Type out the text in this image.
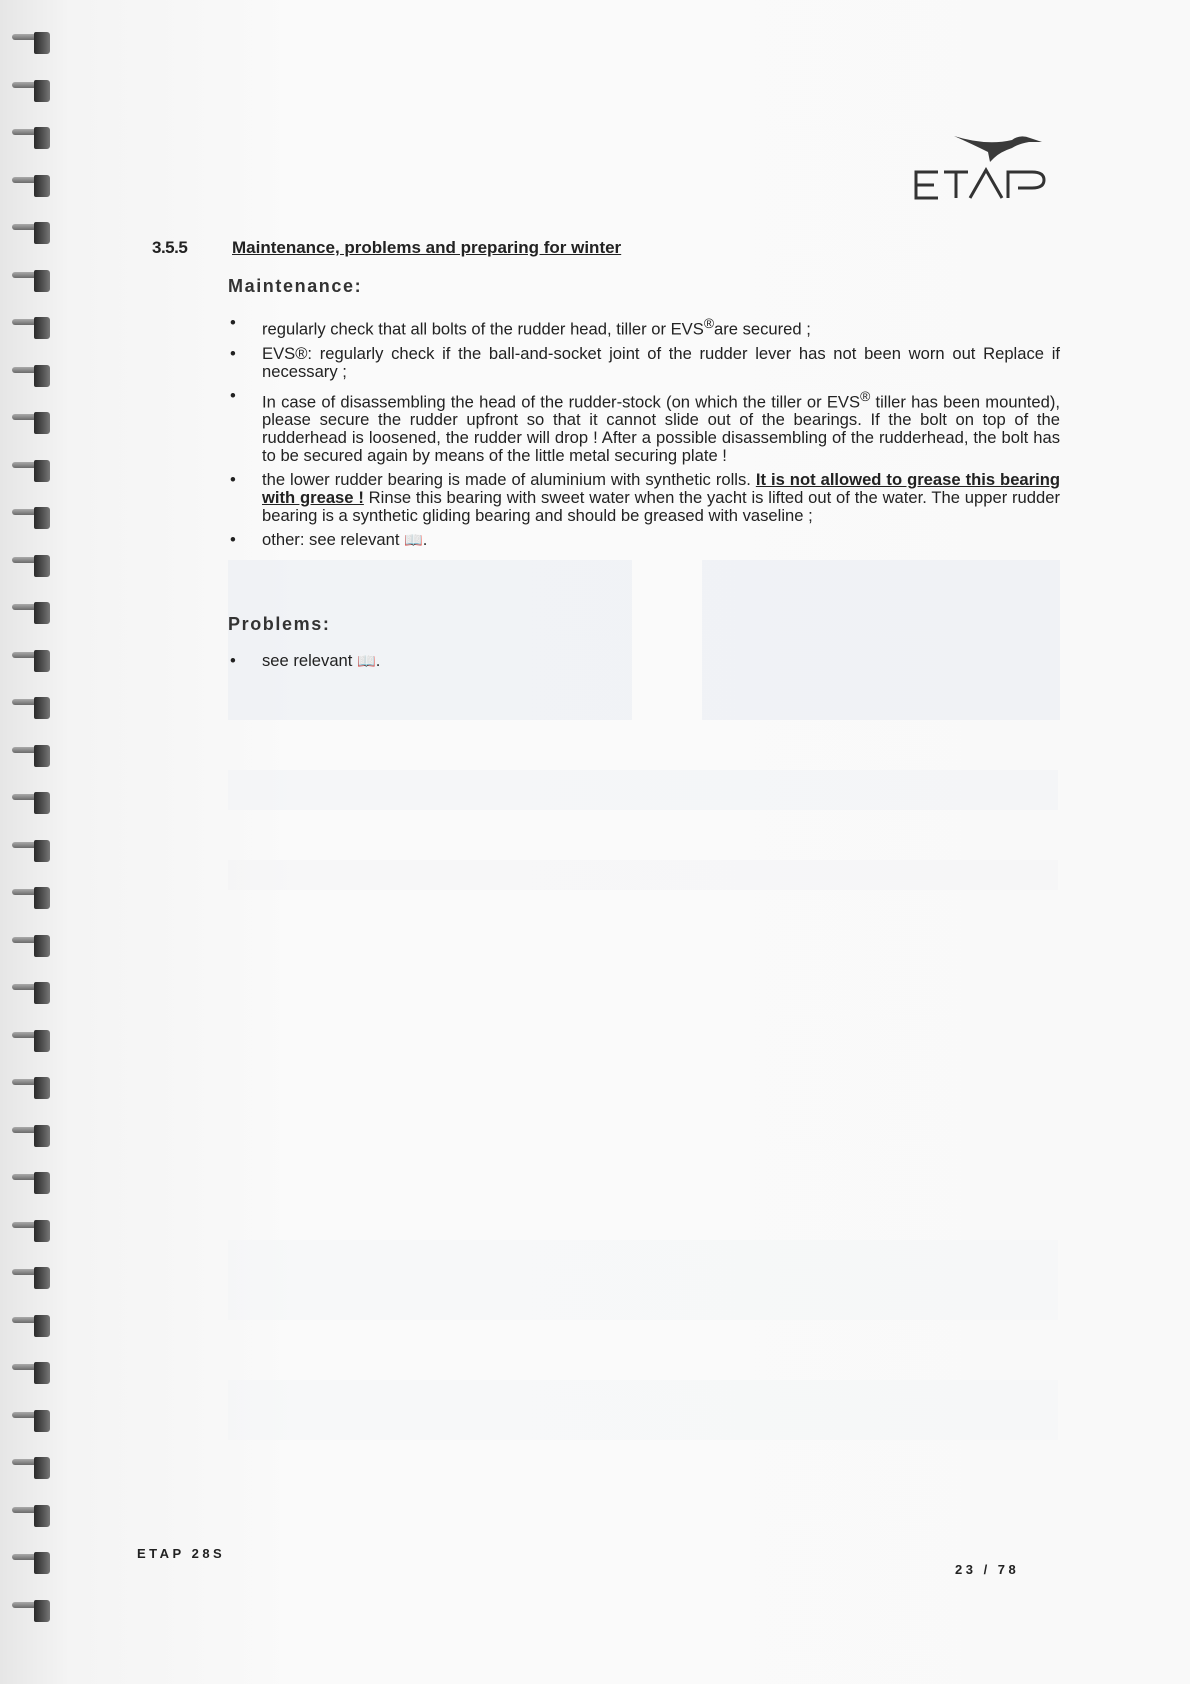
3.5.5	Maintenance, problems and preparing for winter
Maintenance:
• regularly check that all bolts of the rudder head, tiller or EVS®are secured ;
• EVS®: regularly check if the ball-and-socket joint of the rudder lever has not been worn out Replace if necessary ;
• In case of disassembling the head of the rudder-stock (on which the tiller or EVS® tiller has been mounted), please secure the rudder upfront so that it cannot slide out of the bearings. If the bolt on top of the rudderhead is loosened, the rudder will drop ! After a possible disassembling of the rudderhead, the bolt has to be secured again by means of the little metal securing plate !
• the lower rudder bearing is made of aluminium with synthetic rolls. It is not allowed to grease this bearing with grease ! Rinse this bearing with sweet water when the yacht is lifted out of the water. The upper rudder bearing is a synthetic gliding bearing and should be greased with vaseline ;
• other: see relevant 📖.
Problems:
• see relevant 📖.
ETAP 28S
23 / 78
